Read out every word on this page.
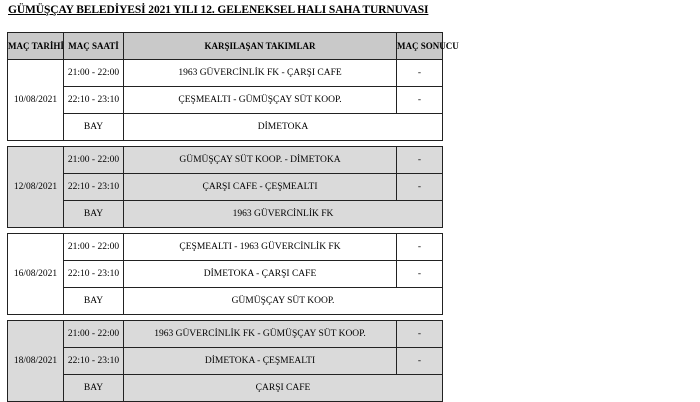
GÜMÜŞÇAY BELEDİYESİ 2021 YILI 12. GELENEKSEL HALI SAHA TURNUVASI
MAÇ TARİHİ	MAÇ SAATİ	KARŞILAŞAN TAKIMLAR	MAÇ SONUCU
10/08/2021	21:00 - 22:00	1963 GÜVERCİNLİK FK - ÇARŞI CAFE	-
	22:10 - 23:10	ÇEŞMEALTI - GÜMÜŞÇAY SÜT KOOP.	-
	BAY	DİMETOKA	

12/08/2021	21:00 - 22:00	GÜMÜŞÇAY SÜT KOOP. - DİMETOKA	-
	22:10 - 23:10	ÇARŞI CAFE - ÇEŞMEALTI	-
	BAY	1963 GÜVERCİNLİK FK	

16/08/2021	21:00 - 22:00	ÇEŞMEALTI - 1963 GÜVERCİNLİK FK	-
	22:10 - 23:10	DİMETOKA - ÇARŞI CAFE	-
	BAY	GÜMÜŞÇAY SÜT KOOP.	

18/08/2021	21:00 - 22:00	1963 GÜVERCİNLİK FK - GÜMÜŞÇAY SÜT KOOP.	-
	22:10 - 23:10	DİMETOKA - ÇEŞMEALTI	-
	BAY	ÇARŞI CAFE	
